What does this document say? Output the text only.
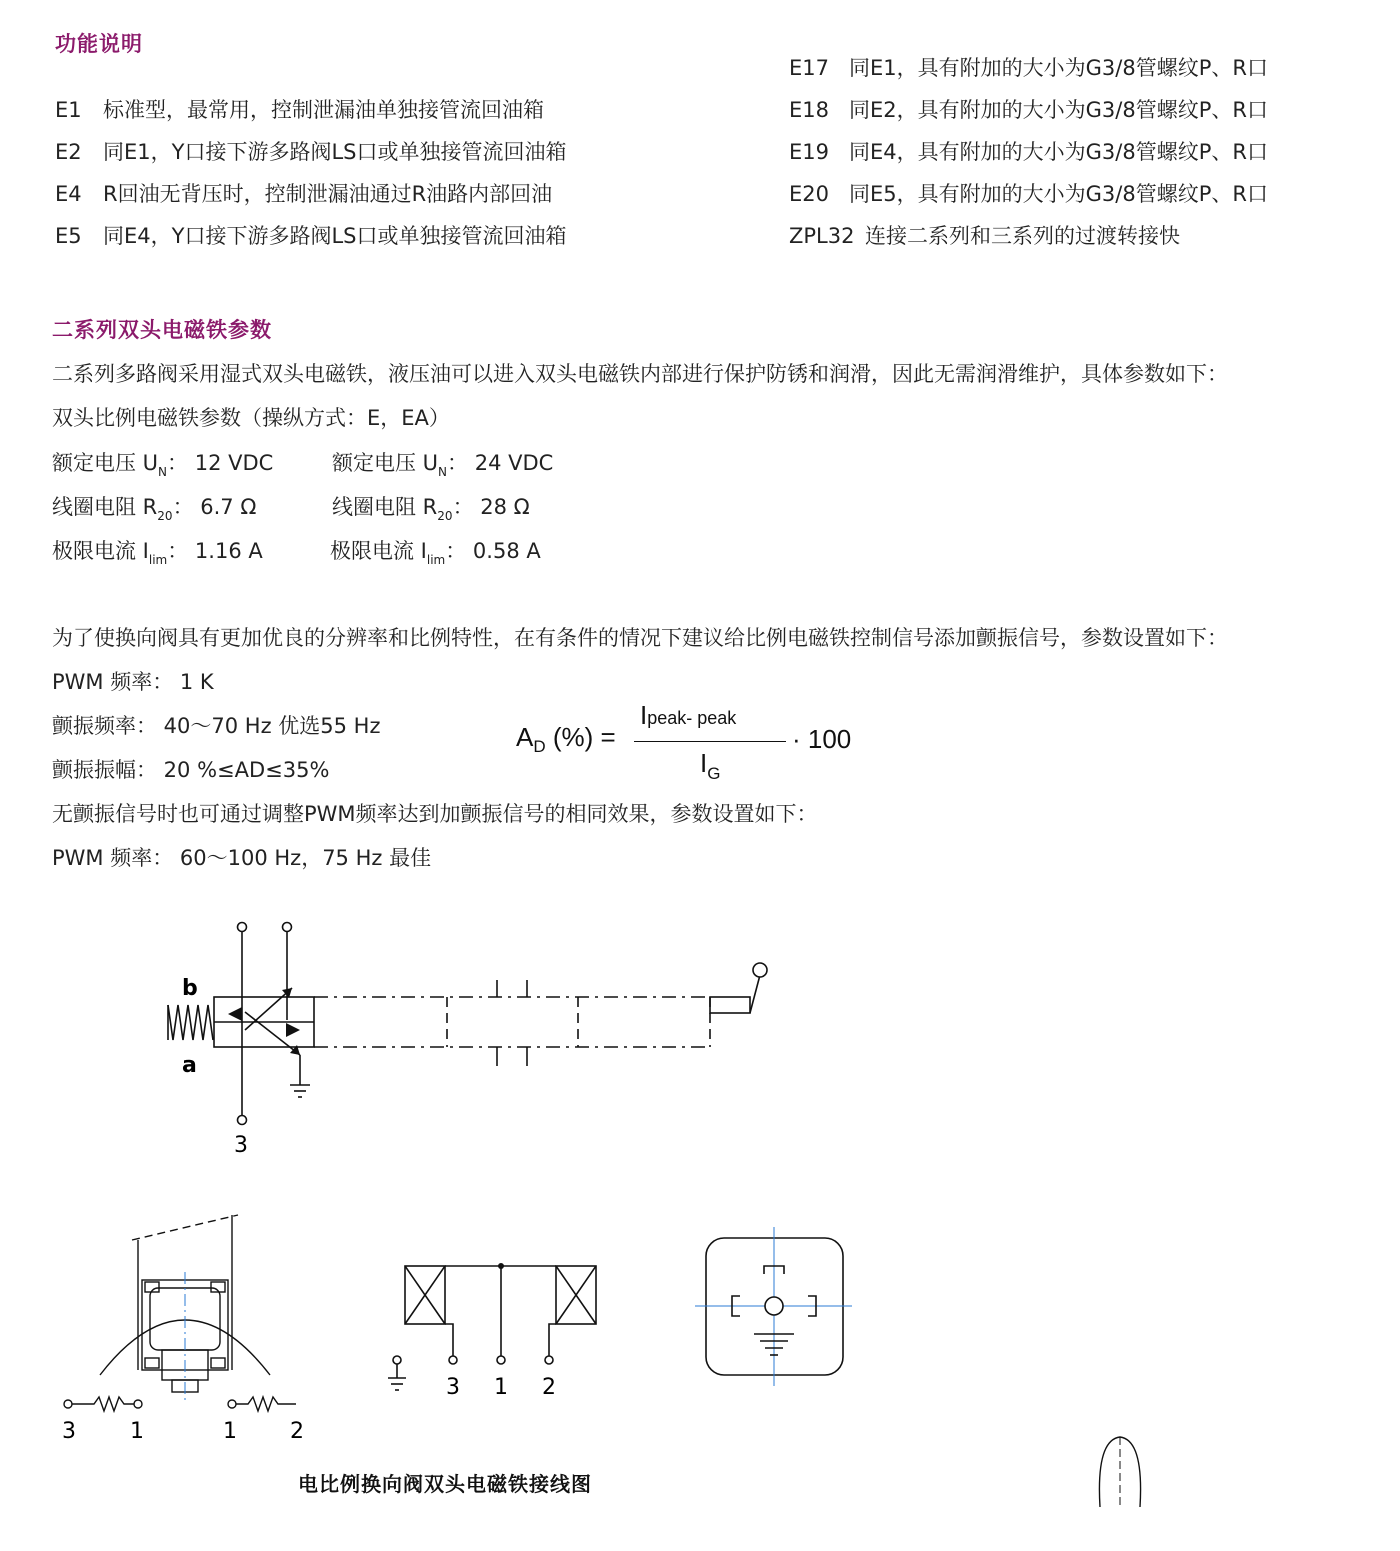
功能说明
E1 标准型，最常用，控制泄漏油单独接管流回油箱
E2 同E1，Y口接下游多路阀LS口或单独接管流回油箱
E4 R回油无背压时，控制泄漏油通过R油路内部回油
E5 同E4，Y口接下游多路阀LS口或单独接管流回油箱
E17 同E1，具有附加的大小为G3/8管螺纹P、R口
E18 同E2，具有附加的大小为G3/8管螺纹P、R口
E19 同E4，具有附加的大小为G3/8管螺纹P、R口
E20 同E5，具有附加的大小为G3/8管螺纹P、R口
ZPL32 连接二系列和三系列的过渡转接快
二系列双头电磁铁参数
二系列多路阀采用湿式双头电磁铁，液压油可以进入双头电磁铁内部进行保护防锈和润滑，因此无需润滑维护，具体参数如下：
双头比例电磁铁参数（操纵方式：E，EA）
额定电压 $U_N$： 12 VDC	额定电压 $U_N$： 24 VDC
线圈电阻 $R_{20}$： 6.7 Ω	线圈电阻 $R_{20}$： 28 Ω
极限电流 $I_{lim}$： 1.16 A	极限电流 $I_{lim}$： 0.58 A
为了使换向阀具有更加优良的分辨率和比例特性，在有条件的情况下建议给比例电磁铁控制信号添加颤振信号，参数设置如下：
PWM 频率： 1 K
颤振频率： 40～70 Hz 优选55 Hz
颤振振幅： 20 %≤AD≤35%
无颤振信号时也可通过调整PWM频率达到加颤振信号的相同效果，参数设置如下：
PWM 频率： 60～100 Hz，75 Hz 最佳
$A_D$ (%) =
Ipeak- peak
$I_G$
· 100
b
a
3
3 1	1 2
3 1 2
电比例换向阀双头电磁铁接线图
